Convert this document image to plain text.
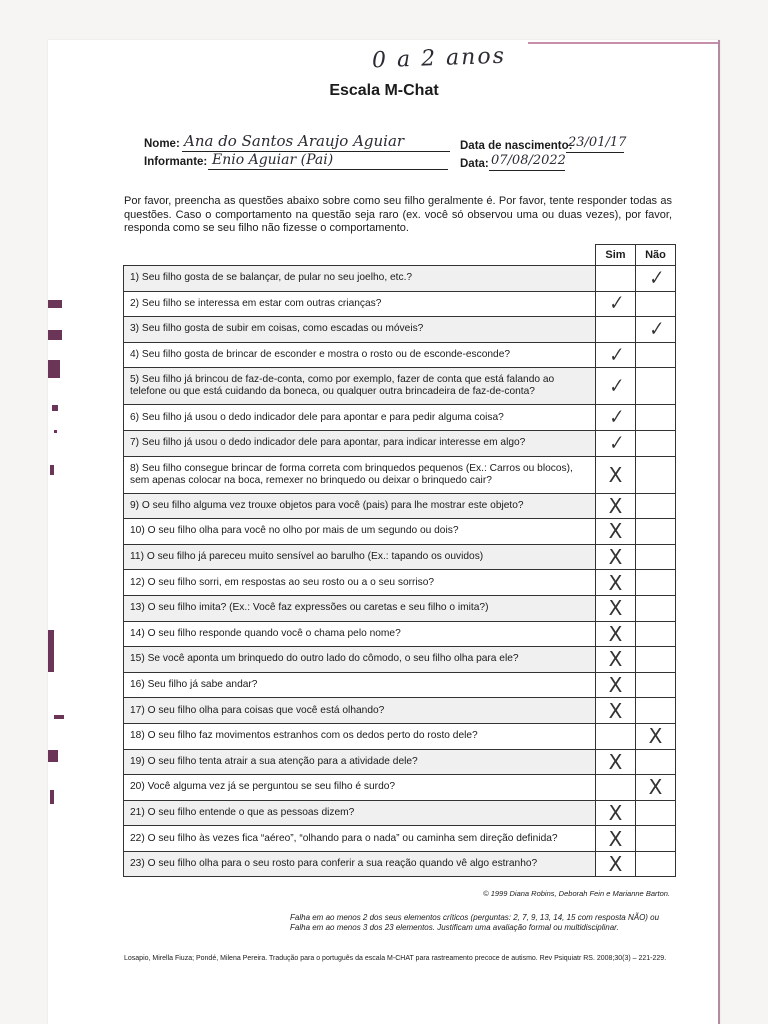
0 a 2 anos
Escala M-Chat
Nome: Ana do Santos Araujo Aguiar
Informante: Enio Aguiar (Pai)
Data de nascimento:
23/01/17
Data: 07/08/2022
Por favor, preencha as questões abaixo sobre como seu filho geralmente é. Por favor, tente responder todas as questões. Caso o comportamento na questão seja raro (ex. você só observou uma ou duas vezes), por favor, responda como se seu filho não fizesse o comportamento.
	Sim	Não
1) Seu filho gosta de se balançar, de pular no seu joelho, etc.?		✓
2) Seu filho se interessa em estar com outras crianças?	✓	
3) Seu filho gosta de subir em coisas, como escadas ou móveis?		✓
4) Seu filho gosta de brincar de esconder e mostra o rosto ou de esconde-esconde?	✓	
5) Seu filho já brincou de faz-de-conta, como por exemplo, fazer de conta que está falando ao telefone ou que está cuidando da boneca, ou qualquer outra brincadeira de faz-de-conta?	✓	
6) Seu filho já usou o dedo indicador dele para apontar e para pedir alguma coisa?	✓	
7) Seu filho já usou o dedo indicador dele para apontar, para indicar interesse em algo?	✓	
8) Seu filho consegue brincar de forma correta com brinquedos pequenos (Ex.: Carros ou blocos), sem apenas colocar na boca, remexer no brinquedo ou deixar o brinquedo cair?	X	
9) O seu filho alguma vez trouxe objetos para você (pais) para lhe mostrar este objeto?	X	
10) O seu filho olha para você no olho por mais de um segundo ou dois?	X	
11) O seu filho já pareceu muito sensível ao barulho (Ex.: tapando os ouvidos)	X	
12) O seu filho sorri, em respostas ao seu rosto ou a o seu sorriso?	X	
13) O seu filho imita? (Ex.: Você faz expressões ou caretas e seu filho o imita?)	X	
14) O seu filho responde quando você o chama pelo nome?	X	
15) Se você aponta um brinquedo do outro lado do cômodo, o seu filho olha para ele?	X	
16) Seu filho já sabe andar?	X	
17) O seu filho olha para coisas que você está olhando?	X	
18) O seu filho faz movimentos estranhos com os dedos perto do rosto dele?		X
19) O seu filho tenta atrair a sua atenção para a atividade dele?	X	
20) Você alguma vez já se perguntou se seu filho é surdo?		X
21) O seu filho entende o que as pessoas dizem?	X	
22) O seu filho às vezes fica “aéreo”, “olhando para o nada” ou caminha sem direção definida?	X	
23) O seu filho olha para o seu rosto para conferir a sua reação quando vê algo estranho?	X	
© 1999 Diana Robins, Deborah Fein e Marianne Barton.
Falha em ao menos 2 dos seus elementos críticos (perguntas: 2, 7, 9, 13, 14, 15 com resposta NÃO) ou Falha em ao menos 3 dos 23 elementos. Justificam uma avaliação formal ou multidisciplinar.
Losapio, Mirella Fiuza; Pondé, Milena Pereira. Tradução para o português da escala M-CHAT para rastreamento precoce de autismo. Rev Psiquiatr RS. 2008;30(3) – 221-229.
